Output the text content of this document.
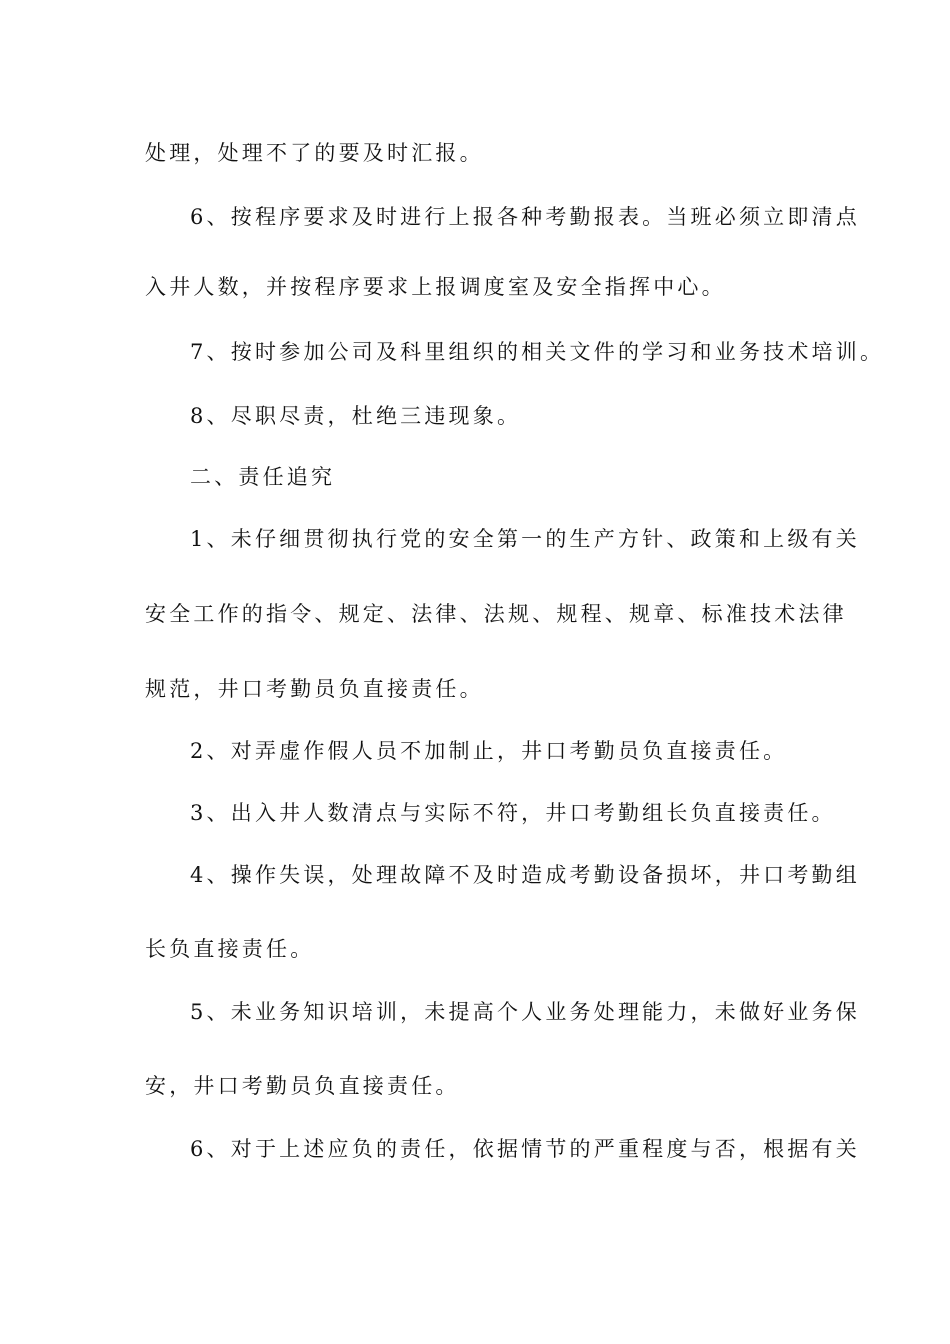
处理，处理不了的要及时汇报。
6、按程序要求及时进行上报各种考勤报表。当班必须立即清点
入井人数，并按程序要求上报调度室及安全指挥中心。
7、按时参加公司及科里组织的相关文件的学习和业务技术培训。
8、尽职尽责，杜绝三违现象。
二、责任追究
1、未仔细贯彻执行党的安全第一的生产方针、政策和上级有关
安全工作的指令、规定、法律、法规、规程、规章、标准技术法律
规范，井口考勤员负直接责任。
2、对弄虚作假人员不加制止，井口考勤员负直接责任。
3、出入井人数清点与实际不符，井口考勤组长负直接责任。
4、操作失误，处理故障不及时造成考勤设备损坏，井口考勤组
长负直接责任。
5、未业务知识培训，未提高个人业务处理能力，未做好业务保
安，井口考勤员负直接责任。
6、对于上述应负的责任，依据情节的严重程度与否，根据有关
